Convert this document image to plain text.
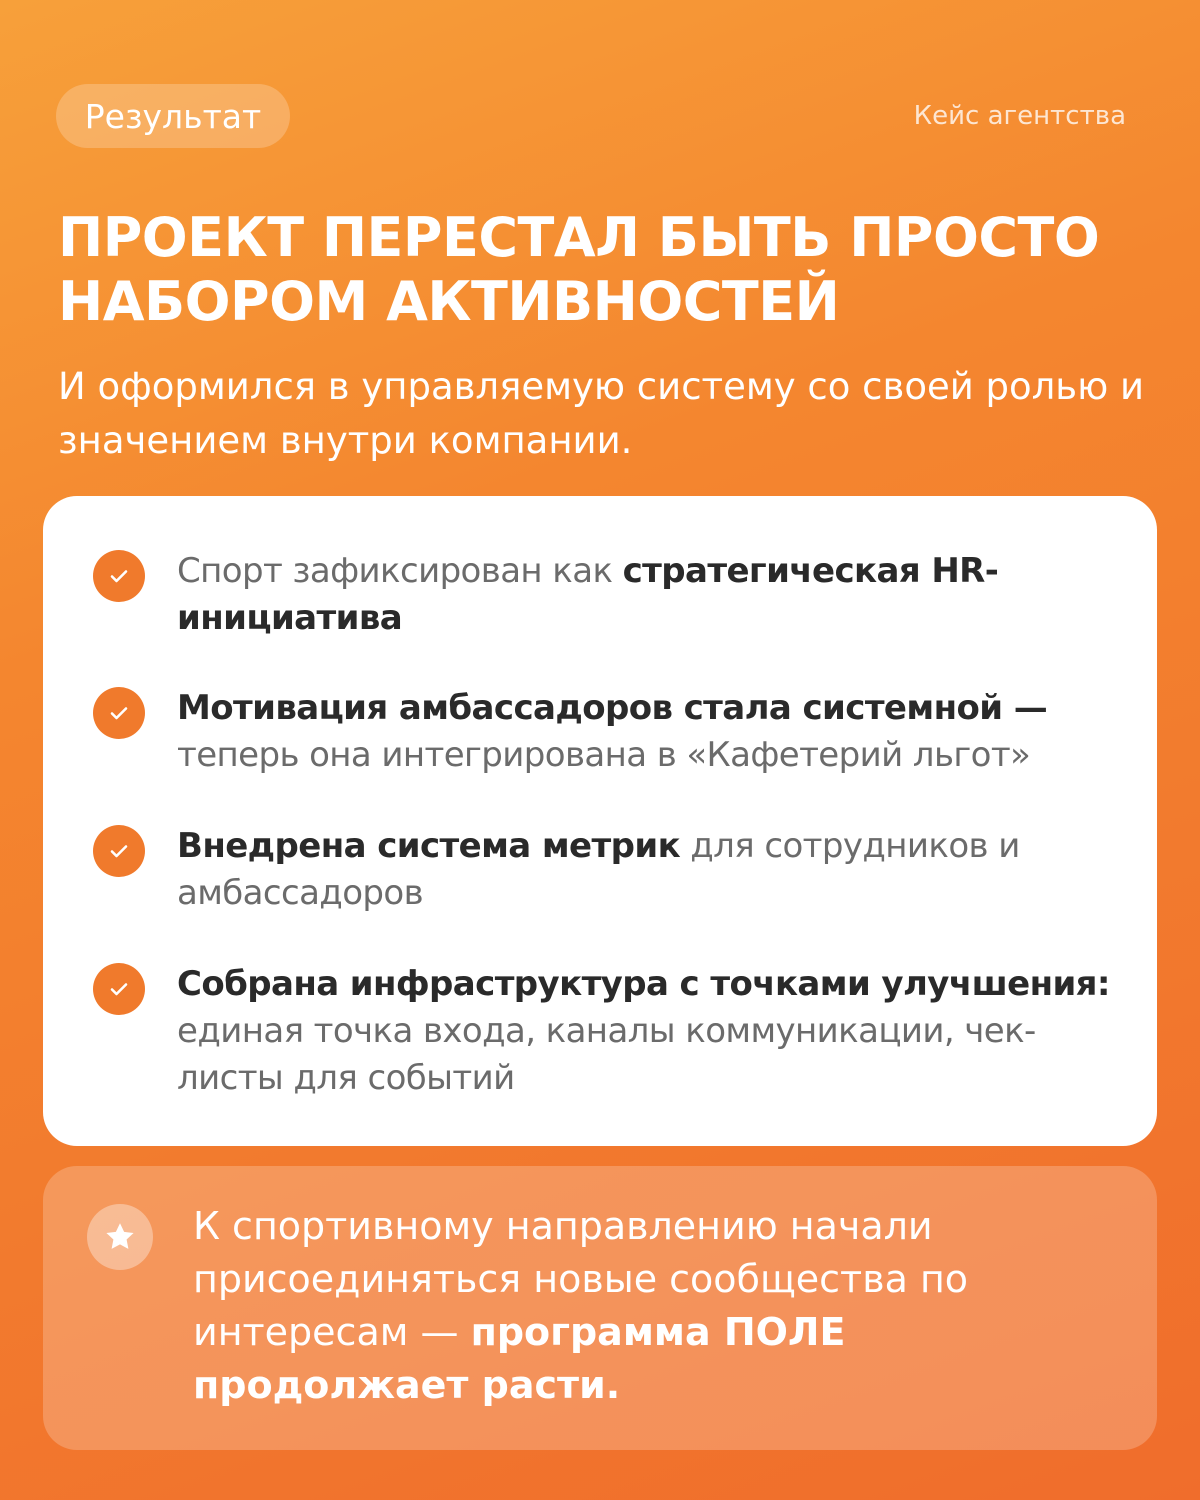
Результат	Кейс агентства
ПРОЕКТ ПЕРЕСТАЛ БЫТЬ ПРОСТО
НАБОРОМ АКТИВНОСТЕЙ
И оформился в управляемую систему со своей ролью и значением внутри компании.
Спорт зафиксирован как стратегическая HR-инициатива
Мотивация амбассадоров стала системной — теперь она интегрирована в «Кафетерий льгот»
Внедрена система метрик для сотрудников и амбассадоров
Собрана инфраструктура с точками улучшения: единая точка входа, каналы коммуникации, чек-листы для событий
К спортивному направлению начали присоединяться новые сообщества по интересам — программа ПОЛЕ продолжает расти.
